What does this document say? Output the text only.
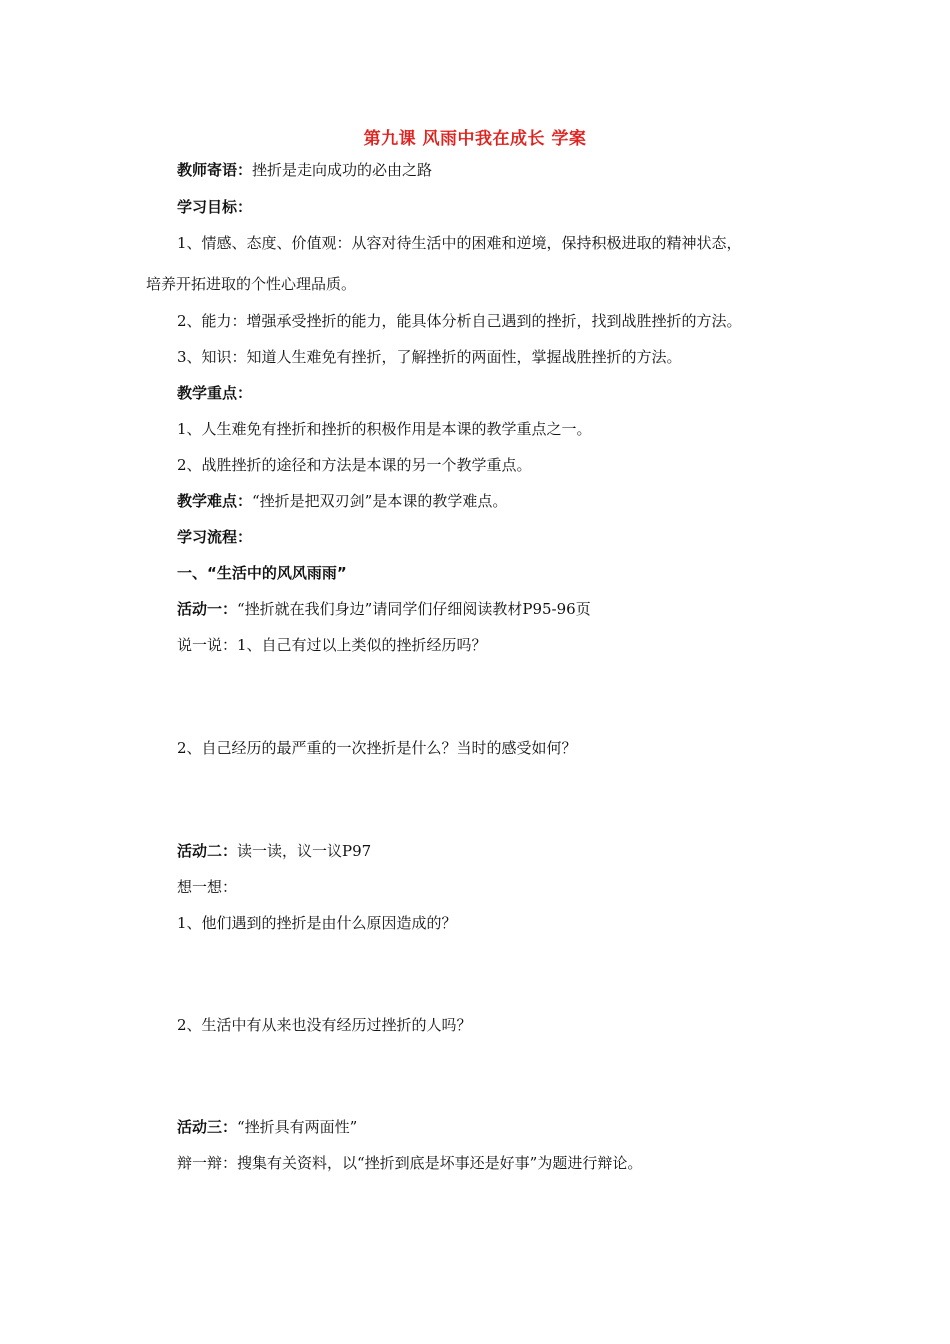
第九课 风雨中我在成长 学案
教师寄语：挫折是走向成功的必由之路
学习目标：
1、情感、态度、价值观：从容对待生活中的困难和逆境，保持积极进取的精神状态，
培养开拓进取的个性心理品质。
2、能力：增强承受挫折的能力，能具体分析自己遇到的挫折，找到战胜挫折的方法。
3、知识：知道人生难免有挫折，了解挫折的两面性，掌握战胜挫折的方法。
教学重点：
1、人生难免有挫折和挫折的积极作用是本课的教学重点之一。
2、战胜挫折的途径和方法是本课的另一个教学重点。
教学难点：“挫折是把双刃剑”是本课的教学难点。
学习流程：
一、“生活中的风风雨雨”
活动一：“挫折就在我们身边”请同学们仔细阅读教材P95-96页
说一说：1、自己有过以上类似的挫折经历吗？
2、自己经历的最严重的一次挫折是什么？当时的感受如何？
活动二：读一读，议一议P97
想一想：
1、他们遇到的挫折是由什么原因造成的？
2、生活中有从来也没有经历过挫折的人吗？
活动三：“挫折具有两面性”
辩一辩：搜集有关资料，以“挫折到底是坏事还是好事”为题进行辩论。
